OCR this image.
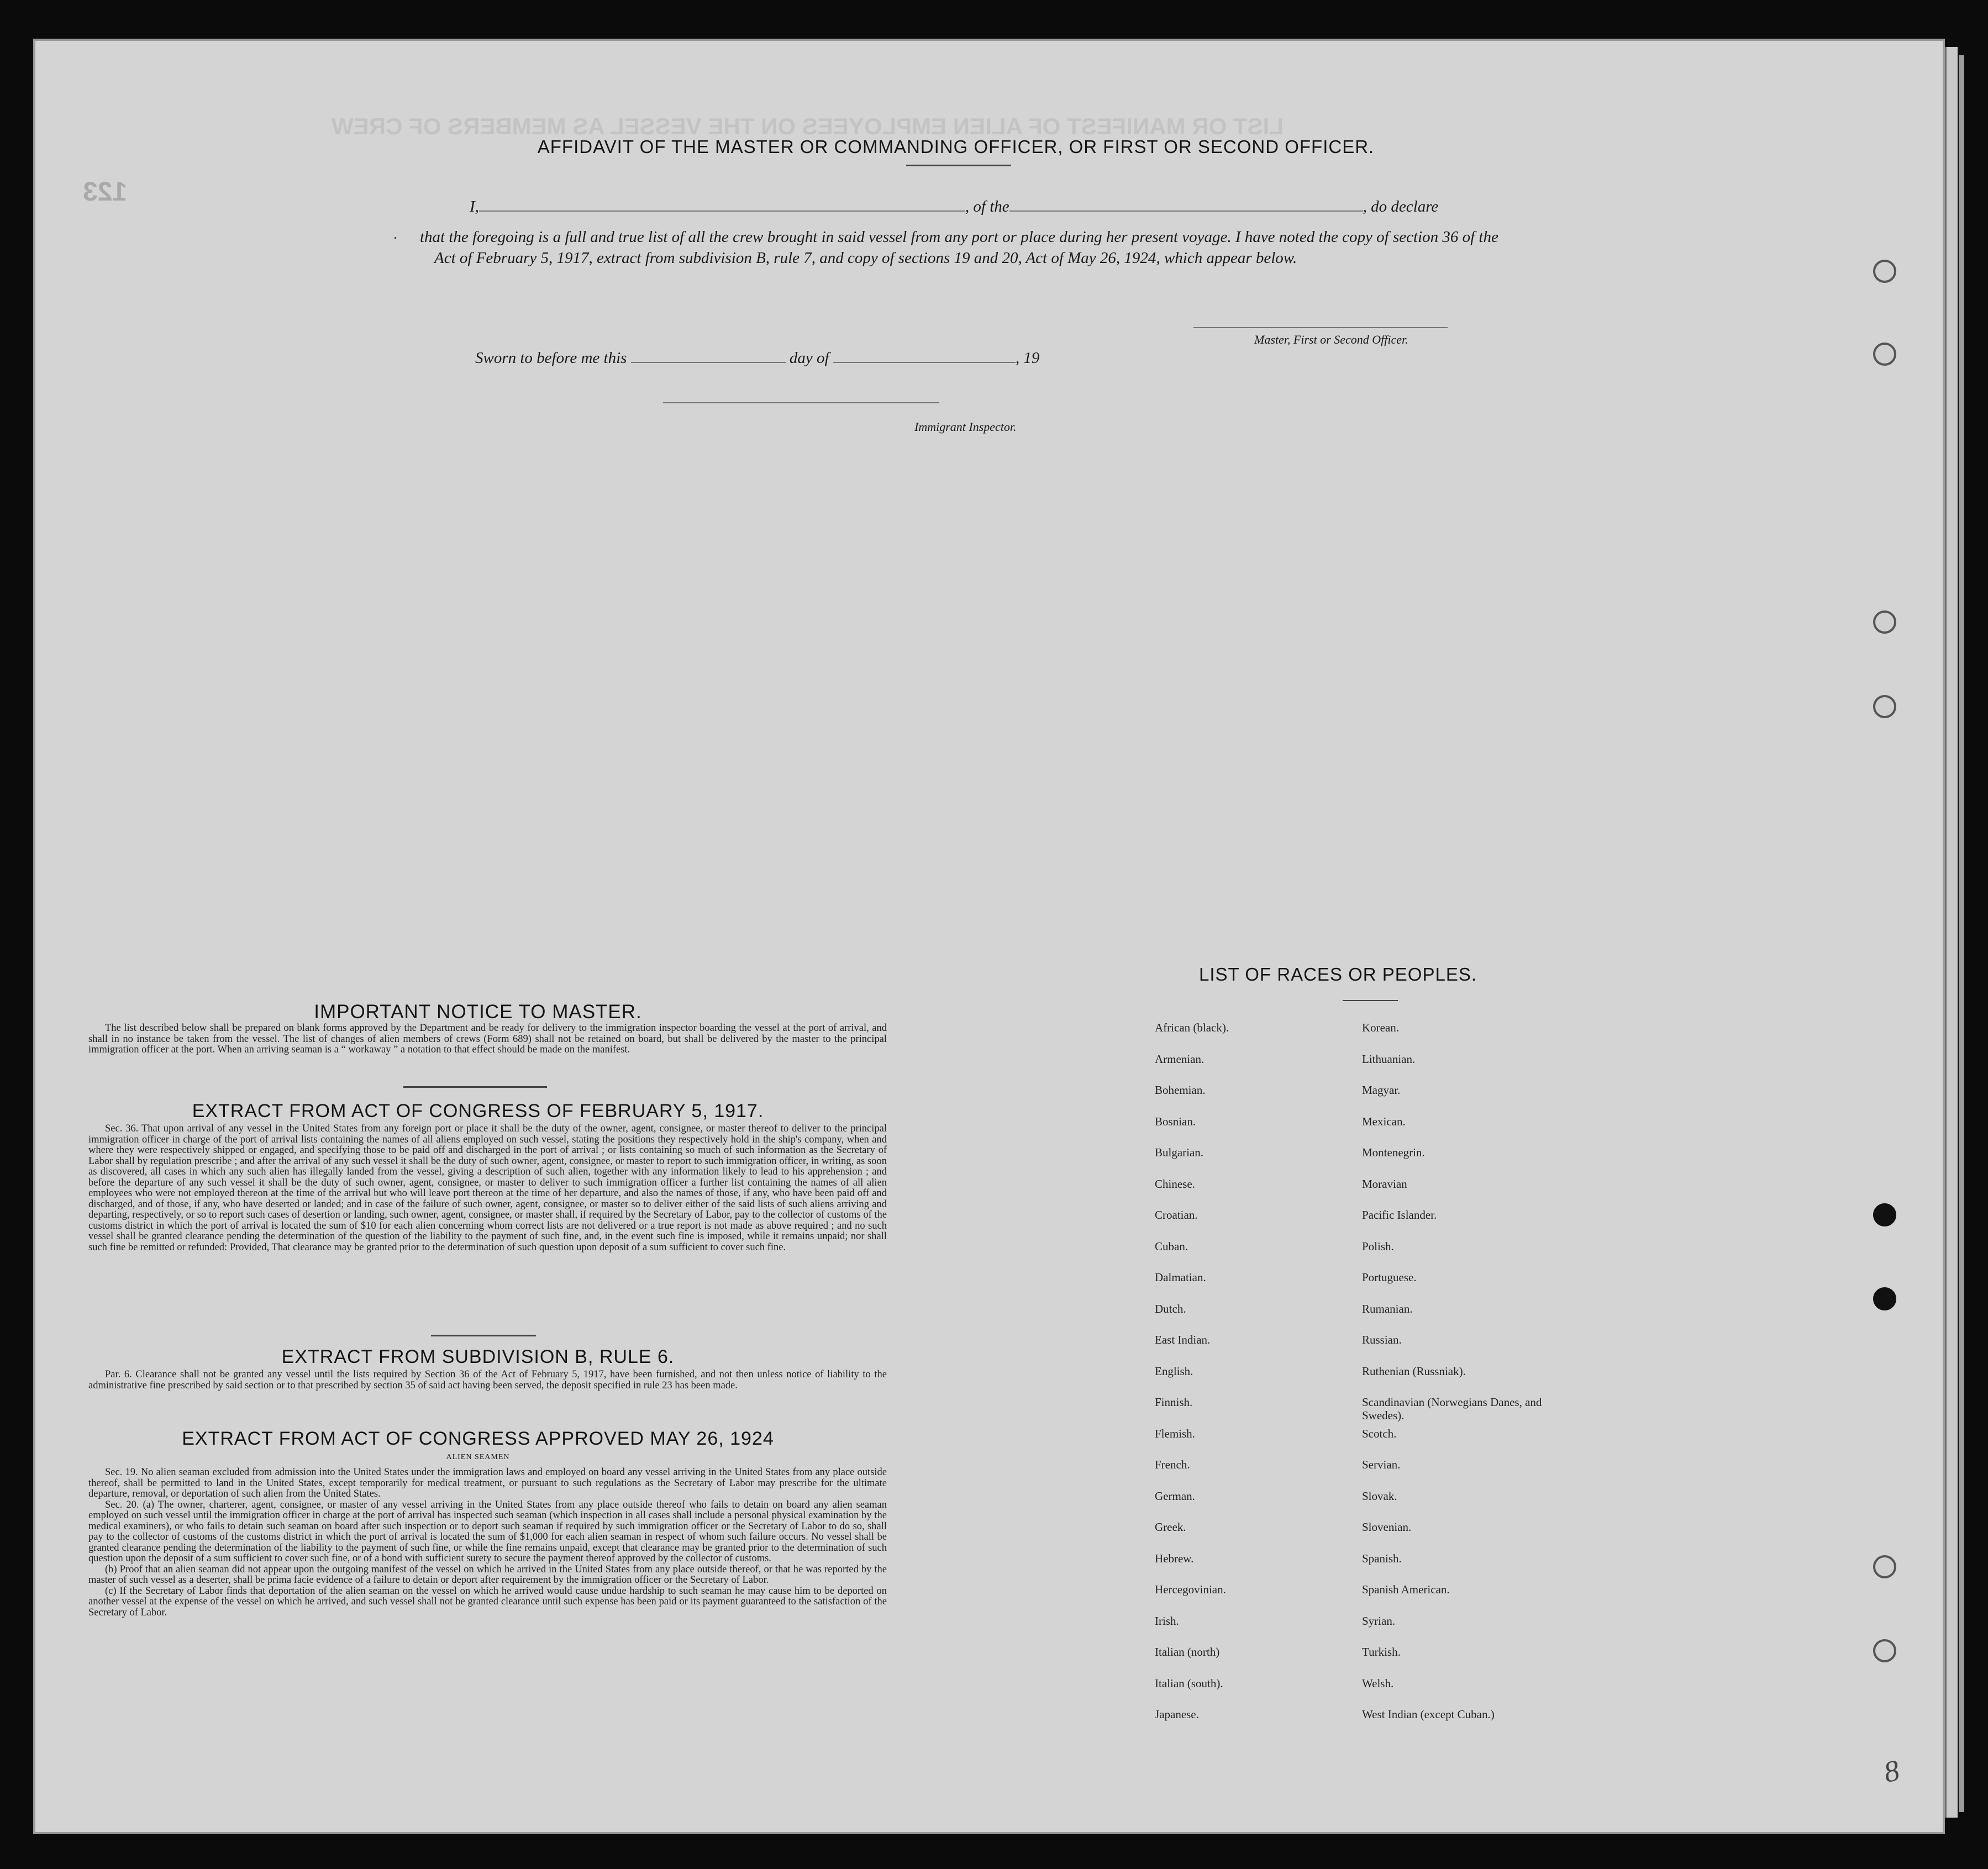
LIST OR MANIFEST OF ALIEN EMPLOYEES ON THE VESSEL AS MEMBERS OF CREW
123
AFFIDAVIT OF THE MASTER OR COMMANDING OFFICER, OR FIRST OR SECOND OFFICER.
I,	, of the	, do declare
that the foregoing is a full and true list of all the crew brought in said vessel from any port or place during her present voyage. I have noted the copy of section 36 of the Act of February 5, 1917, extract from subdivision B, rule 7, and copy of sections 19 and 20, Act of May 26, 1924, which appear below.
.
Master, First or Second Officer.
Sworn to before me this	day of	, 19
Immigrant Inspector.
IMPORTANT NOTICE TO MASTER.

The list described below shall be prepared on blank forms approved by the Department and be ready for delivery to the immigration inspector boarding the vessel at the port of arrival, and shall in no instance be taken from the vessel. The list of changes of alien members of crews (Form 689) shall not be retained on board, but shall be delivered by the master to the principal immigration officer at the port. When an arriving seaman is a “ workaway ” a notation to that effect should be made on the manifest.

EXTRACT FROM ACT OF CONGRESS OF FEBRUARY 5, 1917.

Sec. 36. That upon arrival of any vessel in the United States from any foreign port or place it shall be the duty of the owner, agent, consignee, or master thereof to deliver to the principal immigration officer in charge of the port of arrival lists containing the names of all aliens employed on such vessel, stating the positions they respectively hold in the ship's company, when and where they were respectively shipped or engaged, and specifying those to be paid off and discharged in the port of arrival ; or lists containing so much of such information as the Secretary of Labor shall by regulation prescribe ; and after the arrival of any such vessel it shall be the duty of such owner, agent, consignee, or master to report to such immigration officer, in writing, as soon as discovered, all cases in which any such alien has illegally landed from the vessel, giving a description of such alien, together with any information likely to lead to his apprehension ; and before the departure of any such vessel it shall be the duty of such owner, agent, consignee, or master to deliver to such immigration officer a further list containing the names of all alien employees who were not employed thereon at the time of the arrival but who will leave port thereon at the time of her departure, and also the names of those, if any, who have been paid off and discharged, and of those, if any, who have deserted or landed; and in case of the failure of such owner, agent, consignee, or master so to deliver either of the said lists of such aliens arriving and departing, respectively, or so to report such cases of desertion or landing, such owner, agent, consignee, or master shall, if required by the Secretary of Labor, pay to the collector of customs of the customs district in which the port of arrival is located the sum of $10 for each alien concerning whom correct lists are not delivered or a true report is not made as above required ; and no such vessel shall be granted clearance pending the determination of the question of the liability to the payment of such fine, and, in the event such fine is imposed, while it remains unpaid; nor shall such fine be remitted or refunded: Provided, That clearance may be granted prior to the determination of such question upon deposit of a sum sufficient to cover such fine.

EXTRACT FROM SUBDIVISION B, RULE 6.

Par. 6. Clearance shall not be granted any vessel until the lists required by Section 36 of the Act of February 5, 1917, have been furnished, and not then unless notice of liability to the administrative fine prescribed by said section or to that prescribed by section 35 of said act having been served, the deposit specified in rule 23 has been made.

EXTRACT FROM ACT OF CONGRESS APPROVED MAY 26, 1924
ALIEN SEAMEN

Sec. 19. No alien seaman excluded from admission into the United States under the immigration laws and employed on board any vessel arriving in the United States from any place outside thereof, shall be permitted to land in the United States, except temporarily for medical treatment, or pursuant to such regulations as the Secretary of Labor may prescribe for the ultimate departure, removal, or deportation of such alien from the United States.

Sec. 20. (a) The owner, charterer, agent, consignee, or master of any vessel arriving in the United States from any place outside thereof who fails to detain on board any alien seaman employed on such vessel until the immigration officer in charge at the port of arrival has inspected such seaman (which inspection in all cases shall include a personal physical examination by the medical examiners), or who fails to detain such seaman on board after such inspection or to deport such seaman if required by such immigration officer or the Secretary of Labor to do so, shall pay to the collector of customs of the customs district in which the port of arrival is located the sum of $1,000 for each alien seaman in respect of whom such failure occurs. No vessel shall be granted clearance pending the determination of the liability to the payment of such fine, or while the fine remains unpaid, except that clearance may be granted prior to the determination of such question upon the deposit of a sum sufficient to cover such fine, or of a bond with sufficient surety to secure the payment thereof approved by the collector of customs.

(b) Proof that an alien seaman did not appear upon the outgoing manifest of the vessel on which he arrived in the United States from any place outside thereof, or that he was reported by the master of such vessel as a deserter, shall be prima facie evidence of a failure to detain or deport after requirement by the immigration officer or the Secretary of Labor.

(c) If the Secretary of Labor finds that deportation of the alien seaman on the vessel on which he arrived would cause undue hardship to such seaman he may cause him to be deported on another vessel at the expense of the vessel on which he arrived, and such vessel shall not be granted clearance until such expense has been paid or its payment guaranteed to the satisfaction of the Secretary of Labor.

LIST OF RACES OR PEOPLES.
African (black).	Korean.
Armenian.	Lithuanian.
Bohemian.	Magyar.
Bosnian.	Mexican.
Bulgarian.	Montenegrin.
Chinese.	Moravian
Croatian.	Pacific Islander.
Cuban.	Polish.
Dalmatian.	Portuguese.
Dutch.	Rumanian.
East Indian.	Russian.
English.	Ruthenian (Russniak).
Finnish.	Scandinavian (Norwegians Danes, and Swedes).
Flemish.	Scotch.
French.	Servian.
German.	Slovak.
Greek.	Slovenian.
Hebrew.	Spanish.
Hercegovinian.	Spanish American.
Irish.	Syrian.
Italian (north)	Turkish.
Italian (south).	Welsh.
Japanese.	West Indian (except Cuban.)
8
